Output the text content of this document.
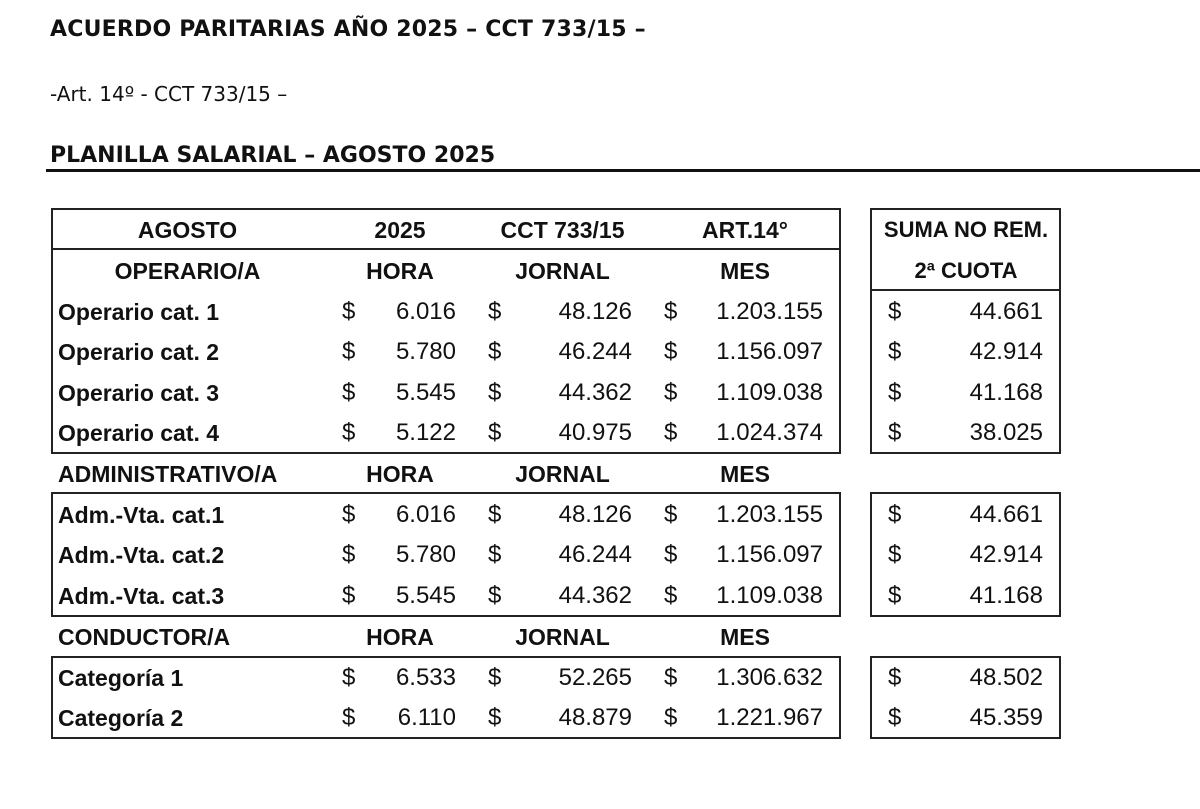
ACUERDO PARITARIAS AÑO 2025 – CCT 733/15 –
-Art. 14º - CCT 733/15 –
PLANILLA SALARIAL – AGOSTO 2025
AGOSTO	2025	CCT 733/15	ART.14°	SUMA NO REM.
OPERARIO/A	HORA	JORNAL	MES	2ª CUOTA
Operario cat. 1	$	6.016 $	48.126 $	1.203.155	$	44.661
Operario cat. 2	$	5.780 $	46.244 $	1.156.097	$	42.914
Operario cat. 3	$	5.545 $	44.362 $	1.109.038	$	41.168
Operario cat. 4	$	5.122 $	40.975 $	1.024.374	$	38.025
ADMINISTRATIVO/A	HORA	JORNAL	MES
Adm.-Vta. cat.1	$	6.016 $	48.126 $	1.203.155	$	44.661
Adm.-Vta. cat.2	$	5.780 $	46.244 $	1.156.097	$	42.914
Adm.-Vta. cat.3	$	5.545 $	44.362 $	1.109.038	$	41.168
CONDUCTOR/A	HORA	JORNAL	MES
Categoría 1	$	6.533 $	52.265 $	1.306.632	$	48.502
Categoría 2	$	6.110 $	48.879 $	1.221.967	$	45.359
